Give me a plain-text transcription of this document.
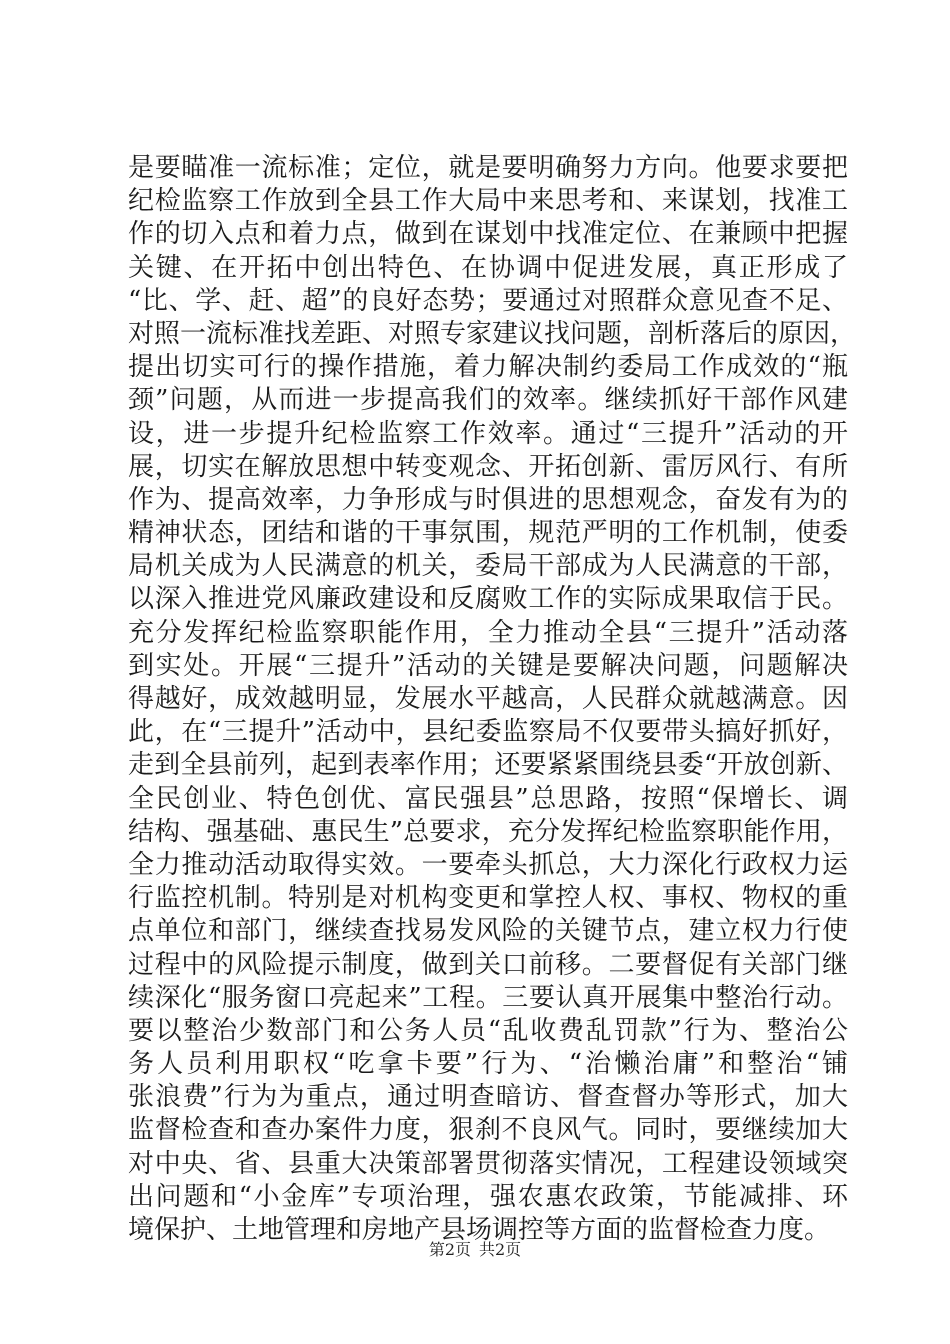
是要瞄准一流标准；定位，就是要明确努力方向。他要求要把
纪检监察工作放到全县工作大局中来思考和、来谋划，找准工
作的切入点和着力点，做到在谋划中找准定位、在兼顾中把握
关键、在开拓中创出特色、在协调中促进发展，真正形成了
“比、学、赶、超”的良好态势；要通过对照群众意见查不足、
对照一流标准找差距、对照专家建议找问题，剖析落后的原因，
提出切实可行的操作措施，着力解决制约委局工作成效的“瓶
颈”问题，从而进一步提高我们的效率。继续抓好干部作风建
设，进一步提升纪检监察工作效率。通过“三提升”活动的开
展，切实在解放思想中转变观念、开拓创新、雷厉风行、有所
作为、提高效率，力争形成与时俱进的思想观念，奋发有为的
精神状态，团结和谐的干事氛围，规范严明的工作机制，使委
局机关成为人民满意的机关，委局干部成为人民满意的干部，
以深入推进党风廉政建设和反腐败工作的实际成果取信于民。
充分发挥纪检监察职能作用，全力推动全县“三提升”活动落
到实处。开展“三提升”活动的关键是要解决问题，问题解决
得越好，成效越明显，发展水平越高，人民群众就越满意。因
此，在“三提升”活动中，县纪委监察局不仅要带头搞好抓好，
走到全县前列，起到表率作用；还要紧紧围绕县委“开放创新、
全民创业、特色创优、富民强县”总思路，按照“保增长、调
结构、强基础、惠民生”总要求，充分发挥纪检监察职能作用，
全力推动活动取得实效。一要牵头抓总，大力深化行政权力运
行监控机制。特别是对机构变更和掌控人权、事权、物权的重
点单位和部门，继续查找易发风险的关键节点，建立权力行使
过程中的风险提示制度，做到关口前移。二要督促有关部门继
续深化“服务窗口亮起来”工程。三要认真开展集中整治行动。
要以整治少数部门和公务人员“乱收费乱罚款”行为、整治公
务人员利用职权“吃拿卡要”行为、“治懒治庸”和整治“铺
张浪费”行为为重点，通过明查暗访、督查督办等形式，加大
监督检查和查办案件力度，狠刹不良风气。同时，要继续加大
对中央、省、县重大决策部署贯彻落实情况，工程建设领域突
出问题和“小金库”专项治理，强农惠农政策，节能减排、环
境保护、土地管理和房地产县场调控等方面的监督检查力度。
第2页 共2页
